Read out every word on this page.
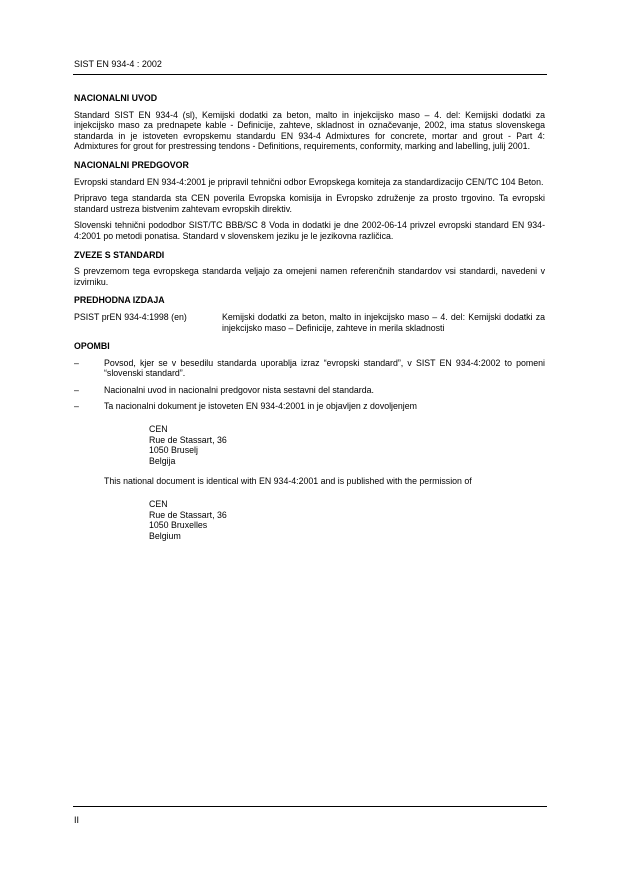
SIST EN 934-4 : 2002

NACIONALNI UVOD

Standard SIST EN 934-4 (sl), Kemijski dodatki za beton, malto in injekcijsko maso – 4. del: Kemijski dodatki za injekcijsko maso za prednapete kable - Definicije, zahteve, skladnost in označevanje, 2002, ima status slovenskega standarda in je istoveten evropskemu standardu EN 934-4 Admixtures for concrete, mortar and grout - Part 4: Admixtures for grout for prestressing tendons - Definitions, requirements, conformity, marking and labelling, julij 2001.

NACIONALNI PREDGOVOR

Evropski standard EN 934-4:2001 je pripravil tehnični odbor Evropskega komiteja za standardizacijo CEN/TC 104 Beton.

Pripravo tega standarda sta CEN poverila Evropska komisija in Evropsko združenje za prosto trgovino. Ta evropski standard ustreza bistvenim zahtevam evropskih direktiv.

Slovenski tehnični pododbor SIST/TC BBB/SC 8 Voda in dodatki je dne 2002-06-14 privzel evropski standard EN 934-4:2001 po metodi ponatisa. Standard v slovenskem jeziku je le jezikovna različica.

ZVEZE S STANDARDI

S prevzemom tega evropskega standarda veljajo za omejeni namen referenčnih standardov vsi standardi, navedeni v izvirniku.

PREDHODNA IZDAJA

PSIST prEN 934-4:1998 (en)	Kemijski dodatki za beton, malto in injekcijsko maso – 4. del: Kemijski dodatki za injekcijsko maso – Definicije, zahteve in merila skladnosti

OPOMBI

–	Povsod, kjer se v besedilu standarda uporablja izraz “evropski standard”, v SIST EN 934-4:2002 to pomeni “slovenski standard”.
–	Nacionalni uvod in nacionalni predgovor nista sestavni del standarda.
–	Ta nacionalni dokument je istoveten EN 934-4:2001 in je objavljen z dovoljenjem
CEN
Rue de Stassart, 36
1050 Bruselj
Belgija
This national document is identical with EN 934-4:2001 and is published with the permission of
CEN
Rue de Stassart, 36
1050 Bruxelles
Belgium
II
